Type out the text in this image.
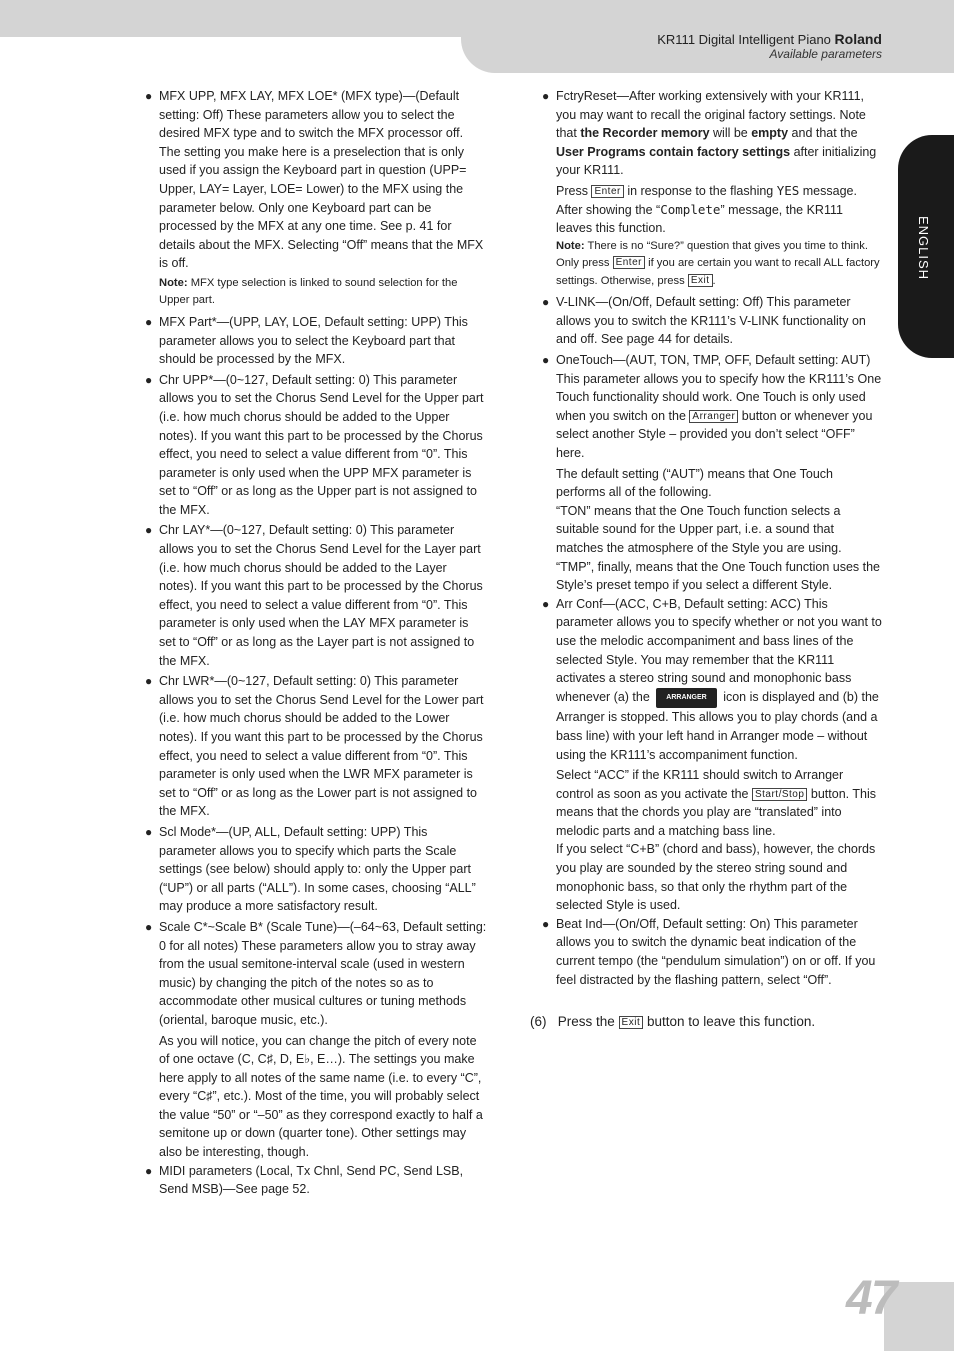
KR111 Digital Intelligent Piano Roland
Available parameters
ENGLISH
47
● MFX UPP, MFX LAY, MFX LOE* (MFX type)—(Default setting: Off) These parameters allow you to select the desired MFX type and to switch the MFX processor off. The setting you make here is a preselection that is only used if you assign the Keyboard part in question (UPP= Upper, LAY= Layer, LOE= Lower) to the MFX using the parameter below. Only one Keyboard part can be processed by the MFX at any one time. See p. 41 for details about the MFX. Selecting “Off” means that the MFX is off.

Note: MFX type selection is linked to sound selection for the Upper part.

● MFX Part*—(UPP, LAY, LOE, Default setting: UPP) This parameter allows you to select the Keyboard part that should be processed by the MFX.

● Chr UPP*—(0~127, Default setting: 0) This parameter allows you to set the Chorus Send Level for the Upper part (i.e. how much chorus should be added to the Upper notes). If you want this part to be processed by the Chorus effect, you need to select a value different from “0”. This parameter is only used when the UPP MFX parameter is set to “Off” or as long as the Upper part is not assigned to the MFX.

● Chr LAY*—(0~127, Default setting: 0) This parameter allows you to set the Chorus Send Level for the Layer part (i.e. how much chorus should be added to the Layer notes). If you want this part to be processed by the Chorus effect, you need to select a value different from “0”. This parameter is only used when the LAY MFX parameter is set to “Off” or as long as the Layer part is not assigned to the MFX.

● Chr LWR*—(0~127, Default setting: 0) This parameter allows you to set the Chorus Send Level for the Lower part (i.e. how much chorus should be added to the Lower notes). If you want this part to be processed by the Chorus effect, you need to select a value different from “0”. This parameter is only used when the LWR MFX parameter is set to “Off” or as long as the Lower part is not assigned to the MFX.

● Scl Mode*—(UP, ALL, Default setting: UPP) This parameter allows you to specify which parts the Scale settings (see below) should apply to: only the Upper part (“UP”) or all parts (“ALL”). In some cases, choosing “ALL” may produce a more satisfactory result.

● Scale C*~Scale B* (Scale Tune)—(–64~63, Default setting: 0 for all notes) These parameters allow you to stray away from the usual semitone-interval scale (used in western music) by changing the pitch of the notes so as to accommodate other musical cultures or tuning methods (oriental, baroque music, etc.).

As you will notice, you can change the pitch of every note of one octave (C, C♯, D, E♭, E…). The settings you make here apply to all notes of the same name (i.e. to every “C”, every “C♯”, etc.). Most of the time, you will probably select the value “50” or “–50” as they correspond exactly to half a semitone up or down (quarter tone). Other settings may also be interesting, though.

● MIDI parameters (Local, Tx Chnl, Send PC, Send LSB, Send MSB)—See page 52.

● FctryReset—After working extensively with your KR111, you may want to recall the original factory settings. Note that the Recorder memory will be empty and that the User Programs contain factory settings after initializing your KR111.

Press Enter in response to the flashing YES message. After showing the “Complete” message, the KR111 leaves this function.

Note: There is no “Sure?” question that gives you time to think. Only press Enter if you are certain you want to recall ALL factory settings. Otherwise, press Exit .

● V-LINK—(On/Off, Default setting: Off) This parameter allows you to switch the KR111’s V-LINK functionality on and off. See page 44 for details.

● OneTouch—(AUT, TON, TMP, OFF, Default setting: AUT) This parameter allows you to specify how the KR111’s One Touch functionality should work. One Touch is only used when you switch on the Arranger button or whenever you select another Style – provided you don’t select “OFF” here.

The default setting (“AUT”) means that One Touch performs all of the following.

“TON” means that the One Touch function selects a suitable sound for the Upper part, i.e. a sound that matches the atmosphere of the Style you are using.

“TMP”, finally, means that the One Touch function uses the Style’s preset tempo if you select a different Style.

● Arr Conf—(ACC, C+B, Default setting: ACC) This parameter allows you to specify whether or not you want to use the melodic accompaniment and bass lines of the selected Style. You may remember that the KR111 activates a stereo string sound and monophonic bass whenever (a) the ARRANGER icon is displayed and (b) the Arranger is stopped. This allows you to play chords (and a bass line) with your left hand in Arranger mode – without using the KR111’s accompaniment function.

Select “ACC” if the KR111 should switch to Arranger control as soon as you activate the Start/Stop button. This means that the chords you play are “translated” into melodic parts and a matching bass line.

If you select “C+B” (chord and bass), however, the chords you play are sounded by the stereo string sound and monophonic bass, so that only the rhythm part of the selected Style is used.

● Beat Ind—(On/Off, Default setting: On) This parameter allows you to switch the dynamic beat indication of the current tempo (the “pendulum simulation”) on or off. If you feel distracted by the flashing pattern, select “Off”.

(6) Press the Exit button to leave this function.
